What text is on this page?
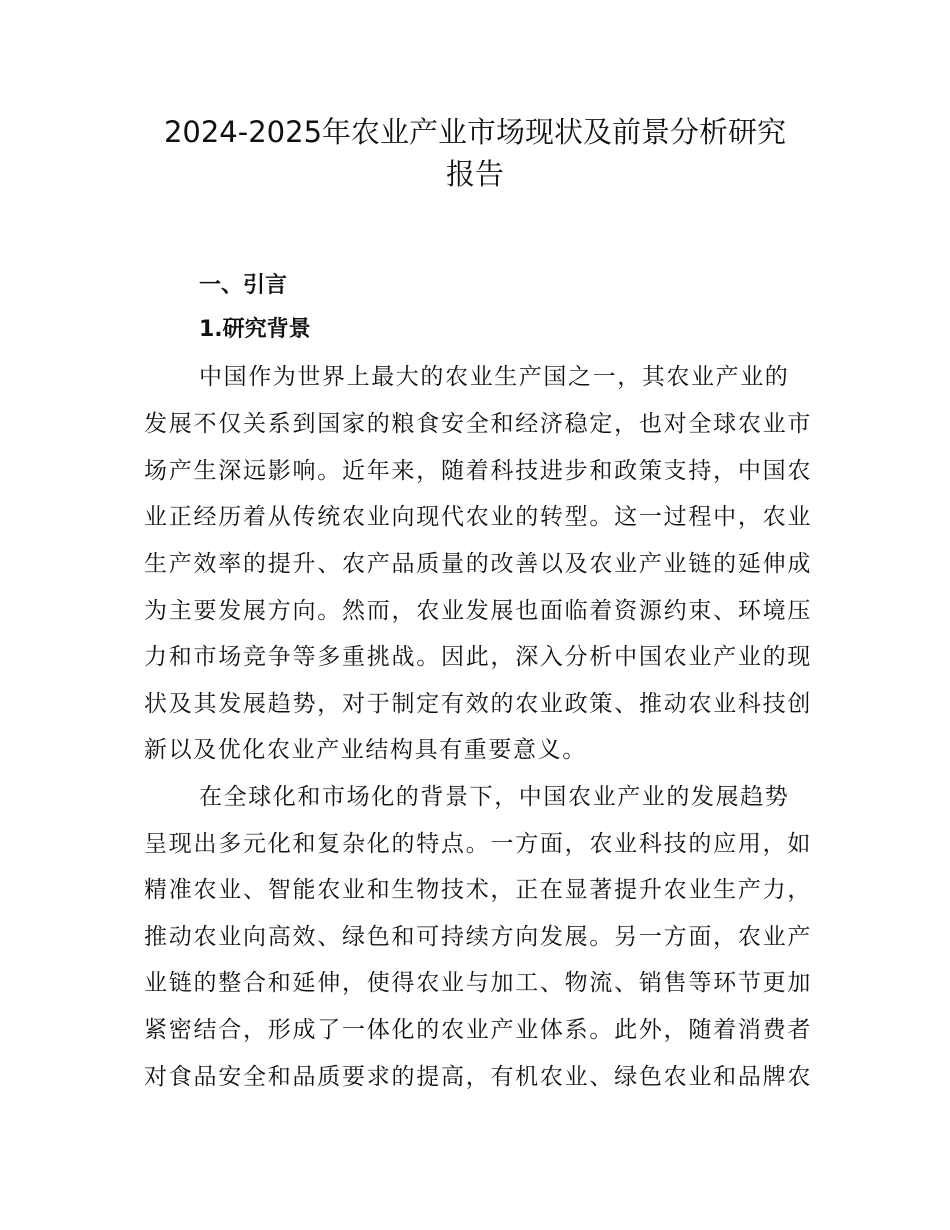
2024-2025年农业产业市场现状及前景分析研究
报告
一、引言
1.研究背景

中国作为世界上最大的农业生产国之一，其农业产业的

发展不仅关系到国家的粮食安全和经济稳定，也对全球农业市

场产生深远影响。近年来，随着科技进步和政策支持，中国农

业正经历着从传统农业向现代农业的转型。这一过程中，农业

生产效率的提升、农产品质量的改善以及农业产业链的延伸成

为主要发展方向。然而，农业发展也面临着资源约束、环境压

力和市场竞争等多重挑战。因此，深入分析中国农业产业的现

状及其发展趋势，对于制定有效的农业政策、推动农业科技创

新以及优化农业产业结构具有重要意义。

在全球化和市场化的背景下，中国农业产业的发展趋势

呈现出多元化和复杂化的特点。一方面，农业科技的应用，如

精准农业、智能农业和生物技术，正在显著提升农业生产力，

推动农业向高效、绿色和可持续方向发展。另一方面，农业产

业链的整合和延伸，使得农业与加工、物流、销售等环节更加

紧密结合，形成了一体化的农业产业体系。此外，随着消费者

对食品安全和品质要求的提高，有机农业、绿色农业和品牌农
